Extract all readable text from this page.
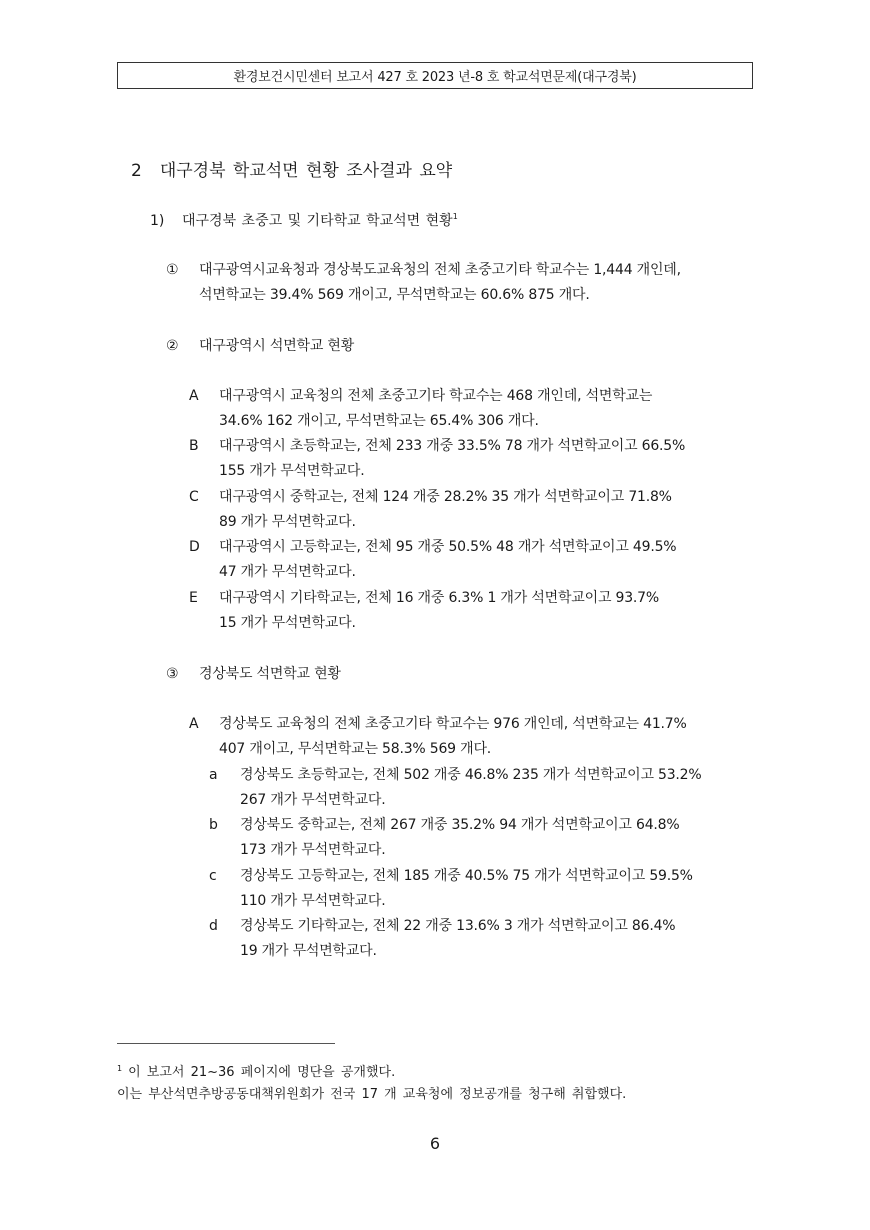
환경보건시민센터 보고서 427 호 2023 년-8 호 학교석면문제(대구경북)
2 대구경북 학교석면 현황 조사결과 요약
1) 대구경북 초중고 및 기타학교 학교석면 현황$^1$
① 대구광역시교육청과 경상북도교육청의 전체 초중고기타 학교수는 1,444 개인데,
석면학교는 39.4% 569 개이고, 무석면학교는 60.6% 875 개다.
② 대구광역시 석면학교 현황
A 대구광역시 교육청의 전체 초중고기타 학교수는 468 개인데, 석면학교는
34.6% 162 개이고, 무석면학교는 65.4% 306 개다.
B 대구광역시 초등학교는, 전체 233 개중 33.5% 78 개가 석면학교이고 66.5%
155 개가 무석면학교다.
C 대구광역시 중학교는, 전체 124 개중 28.2% 35 개가 석면학교이고 71.8%
89 개가 무석면학교다.
D 대구광역시 고등학교는, 전체 95 개중 50.5% 48 개가 석면학교이고 49.5%
47 개가 무석면학교다.
E 대구광역시 기타학교는, 전체 16 개중 6.3% 1 개가 석면학교이고 93.7%
15 개가 무석면학교다.
③ 경상북도 석면학교 현황
A 경상북도 교육청의 전체 초중고기타 학교수는 976 개인데, 석면학교는 41.7%
407 개이고, 무석면학교는 58.3% 569 개다.
a 경상북도 초등학교는, 전체 502 개중 46.8% 235 개가 석면학교이고 53.2%
267 개가 무석면학교다.
b 경상북도 중학교는, 전체 267 개중 35.2% 94 개가 석면학교이고 64.8%
173 개가 무석면학교다.
c 경상북도 고등학교는, 전체 185 개중 40.5% 75 개가 석면학교이고 59.5%
110 개가 무석면학교다.
d 경상북도 기타학교는, 전체 22 개중 13.6% 3 개가 석면학교이고 86.4%
19 개가 무석면학교다.
$^1$ 이 보고서 21~36 페이지에 명단을 공개했다.
이는 부산석면추방공동대책위원회가 전국 17 개 교육청에 정보공개를 청구해 취합했다.
6
